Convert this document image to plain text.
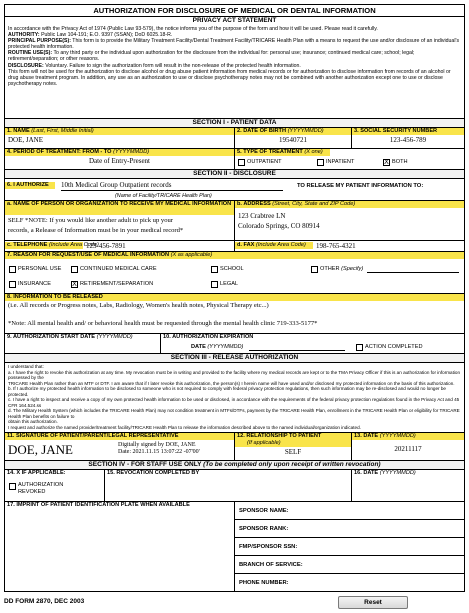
AUTHORIZATION FOR DISCLOSURE OF MEDICAL OR DENTAL INFORMATION
PRIVACY ACT STATEMENT
In accordance with the Privacy Act of 1974 (Public Law 93-579), the notice informs you of the purpose of the form and how it will be used. Please read it carefully.
AUTHORITY: Public Law 104-191; E.O. 9397 (SSAN); DoD 6025.18-R.
PRINCIPAL PURPOSE(S): This form is to provide the Military Treatment Facility/Dental Treatment Facility/TRICARE Health Plan with a means to request the use and/or disclosure of an individual's protected health information.
ROUTINE USE(S): To any third party or the individual upon authorization for the disclosure from the individual for: personal use; insurance; continued medical care; school; legal; retirement/separation; or other reasons.
DISCLOSURE: Voluntary. Failure to sign the authorization form will result in the non-release of the protected health information.
This form will not be used for the authorization to disclose alcohol or drug abuse patient information from medical records or for authorization to disclose information from records of an alcohol or drug abuse treatment program. In addition, any use as an authorization to use or disclose psychotherapy notes may not be combined with another authorization except one to use or disclose psychotherapy notes.
SECTION I - PATIENT DATA
1. NAME (Last, First, Middle Initial)
DOE, JANE
2. DATE OF BIRTH (YYYYMMDD)
19540721
3. SOCIAL SECURITY NUMBER
123-456-789
4. PERIOD OF TREATMENT: FROM - TO (YYYYMMDD)
Date of Entry-Present
5. TYPE OF TREATMENT (X one)
OUTPATIENT	INPATIENT	X BOTH
SECTION II - DISCLOSURE
6. I AUTHORIZE	10th Medical Group Outpatient records	TO RELEASE MY PATIENT INFORMATION TO:
(Name of Facility/TRICARE Health Plan)
a. NAME OF PERSON OR ORGANIZATION TO RECEIVE MY MEDICAL INFORMATION
SELF *NOTE: If you would like another adult to pick up your
records, a Release of Information must be in your medical record*
b. ADDRESS (Street, City, State and ZIP Code)
123 Crabtree LN
Colorado Springs, CO 80914
c. TELEPHONE (Include Area Code)
123-456-7891	d. FAX (Include Area Code)	198-765-4321
7. REASON FOR REQUEST/USE OF MEDICAL INFORMATION (X as applicable)
PERSONAL USE	CONTINUED MEDICAL CARE	SCHOOL	OTHER (Specify)
INSURANCE	X RETIREMENT/SEPARATION	LEGAL
8. INFORMATION TO BE RELEASED
(i.e. All records or Progress notes, Labs, Radiology, Women's health notes, Physical Therapy etc...)
*Note: All mental health and/ or behavioral health must be requested through the mental health clinic 719-333-5177*
9. AUTHORIZATION START DATE (YYYYMMDD)	10. AUTHORIZATION EXPIRATION
DATE (YYYYMMDD)	ACTION COMPLETED
SECTION III - RELEASE AUTHORIZATION

I understand that:

a. I have the right to revoke this authorization at any time. My revocation must be in writing and provided to the facility where my medical records are kept or to the TMA Privacy Officer if this is an authorization for information possessed by the

TRICARE Health Plan rather than an MTF or DTF. I am aware that if I later revoke this authorization, the person(s) I herein name will have used and/or disclosed my protected information on the basis of this authorization.

b. If I authorize my protected health information to be disclosed to someone who is not required to comply with federal privacy protection regulations, then such information may be re-disclosed and would no longer be protected.

c. I have a right to inspect and receive a copy of my own protected health information to be used or disclosed, in accordance with the requirements of the federal privacy protection regulations found in the Privacy Act and 45 CFR 164.524.ss

d. The Military Health System (which includes the TRICARE Health Plan) may not condition treatment in MTFs/DTFs, payment by the TRICARE Health Plan, enrollment in the TRICARE Health Plan or eligibility for TRICARE Health Plan benefits on failure to

obtain this authorization.

I request and authorize the named provider/treatment facility/TRICARE Health Plan to release the information described above to the named individual/organization indicated.

11. SIGNATURE OF PATIENT/PARENT/LEGAL REPRESENTATIVE
DOE, JANE	Digitally signed by DOE, JANE
Date: 2021.11.15 13:07:22 -07'00'
12. RELATIONSHIP TO PATIENT
(If applicable)
SELF
13. DATE (YYYYMMDD)
20211117
SECTION IV - FOR STAFF USE ONLY (To be completed only upon receipt of written revocation)
14. X IF APPLICABLE:
AUTHORIZATION REVOKED
15. REVOCATION COMPLETED BY	16. DATE (YYYYMMDD)
17. IMPRINT OF PATIENT IDENTIFICATION PLATE WHEN AVAILABLE
SPONSOR NAME:
SPONSOR RANK:
FMP/SPONSOR SSN:
BRANCH OF SERVICE:
PHONE NUMBER:
DD FORM 2870, DEC 2003	Reset
